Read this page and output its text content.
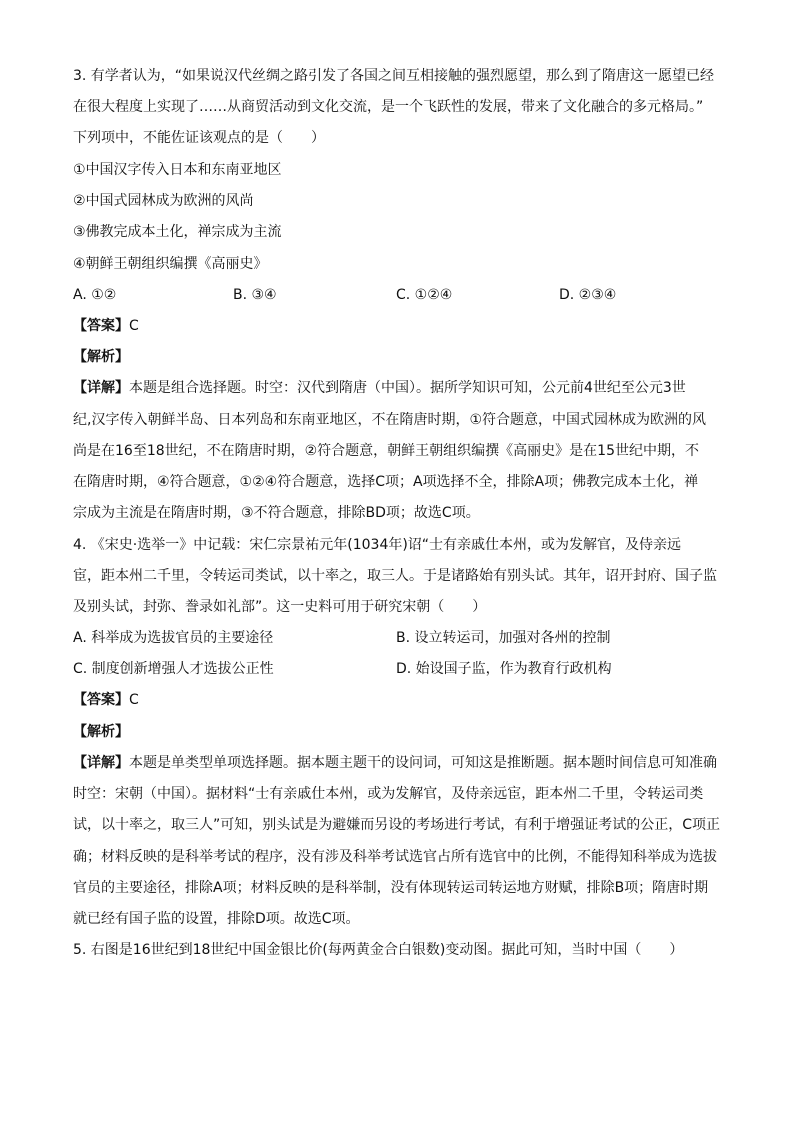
3. 有学者认为，“如果说汉代丝绸之路引发了各国之间互相接触的强烈愿望，那么到了隋唐这一愿望已经
在很大程度上实现了……从商贸活动到文化交流，是一个飞跃性的发展，带来了文化融合的多元格局。”
下列项中，不能佐证该观点的是（　　）
①中国汉字传入日本和东南亚地区
②中国式园林成为欧洲的风尚
③佛教完成本土化，禅宗成为主流
④朝鲜王朝组织编撰《高丽史》
A. ①②	B. ③④	C. ①②④	D. ②③④
【答案】C
【解析】
【详解】本题是组合选择题。时空：汉代到隋唐（中国）。据所学知识可知，公元前4世纪至公元3世
纪,汉字传入朝鲜半岛、日本列岛和东南亚地区，不在隋唐时期，①符合题意，中国式园林成为欧洲的风
尚是在16至18世纪，不在隋唐时期，②符合题意，朝鲜王朝组织编撰《高丽史》是在15世纪中期，不
在隋唐时期，④符合题意，①②④符合题意，选择C项；A项选择不全，排除A项；佛教完成本土化，禅
宗成为主流是在隋唐时期，③不符合题意，排除BD项；故选C项。
4. 《宋史·选举一》中记载：宋仁宗景祐元年(1034年)诏“士有亲戚仕本州，或为发解官，及侍亲远
宦，距本州二千里，令转运司类试，以十率之，取三人。于是诸路始有别头试。其年，诏开封府、国子监
及别头试，封弥、誊录如礼部”。这一史料可用于研究宋朝（　　）
A. 科举成为选拔官员的主要途径	B. 设立转运司，加强对各州的控制
C. 制度创新增强人才选拔公正性	D. 始设国子监，作为教育行政机构
【答案】C
【解析】
【详解】本题是单类型单项选择题。据本题主题干的设问词，可知这是推断题。据本题时间信息可知准确
时空：宋朝（中国）。据材料“士有亲戚仕本州，或为发解官，及侍亲远宦，距本州二千里，令转运司类
试，以十率之，取三人”可知，别头试是为避嫌而另设的考场进行考试，有利于增强证考试的公正，C项正
确；材料反映的是科举考试的程序，没有涉及科举考试选官占所有选官中的比例，不能得知科举成为选拔
官员的主要途径，排除A项；材料反映的是科举制，没有体现转运司转运地方财赋，排除B项；隋唐时期
就已经有国子监的设置，排除D项。故选C项。
5. 右图是16世纪到18世纪中国金银比价(每两黄金合白银数)变动图。据此可知，当时中国（　　）
